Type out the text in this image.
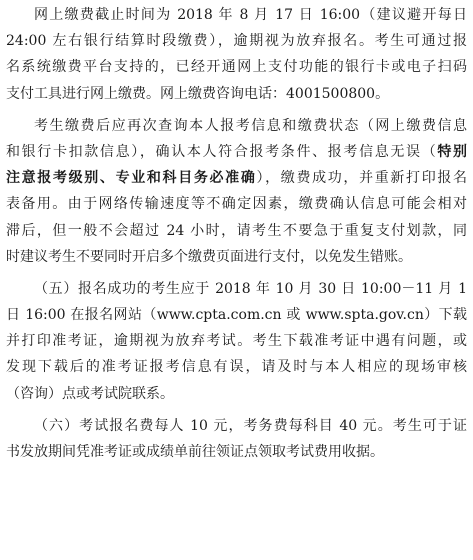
网上缴费截止时间为 2018 年 8 月 17 日 16:00（建议避开每日
24:00 左右银行结算时段缴费），逾期视为放弃报名。考生可通过报
名系统缴费平台支持的，已经开通网上支付功能的银行卡或电子扫码
支付工具进行网上缴费。网上缴费咨询电话：4001500800。
考生缴费后应再次查询本人报考信息和缴费状态（网上缴费信息
和银行卡扣款信息），确认本人符合报考条件、报考信息无误（特别
注意报考级别、专业和科目务必准确），缴费成功，并重新打印报名
表备用。由于网络传输速度等不确定因素，缴费确认信息可能会相对
滞后，但一般不会超过 24 小时，请考生不要急于重复支付划款，同
时建议考生不要同时开启多个缴费页面进行支付，以免发生错账。
（五）报名成功的考生应于 2018 年 10 月 30 日 10:00－11 月 1
日 16:00 在报名网站（www.cpta.com.cn 或 www.spta.gov.cn）下载
并打印准考证，逾期视为放弃考试。考生下载准考证中遇有问题，或
发现下载后的准考证报考信息有误，请及时与本人相应的现场审核
（咨询）点或考试院联系。
（六）考试报名费每人 10 元，考务费每科目 40 元。考生可于证
书发放期间凭准考证或成绩单前往领证点领取考试费用收据。
